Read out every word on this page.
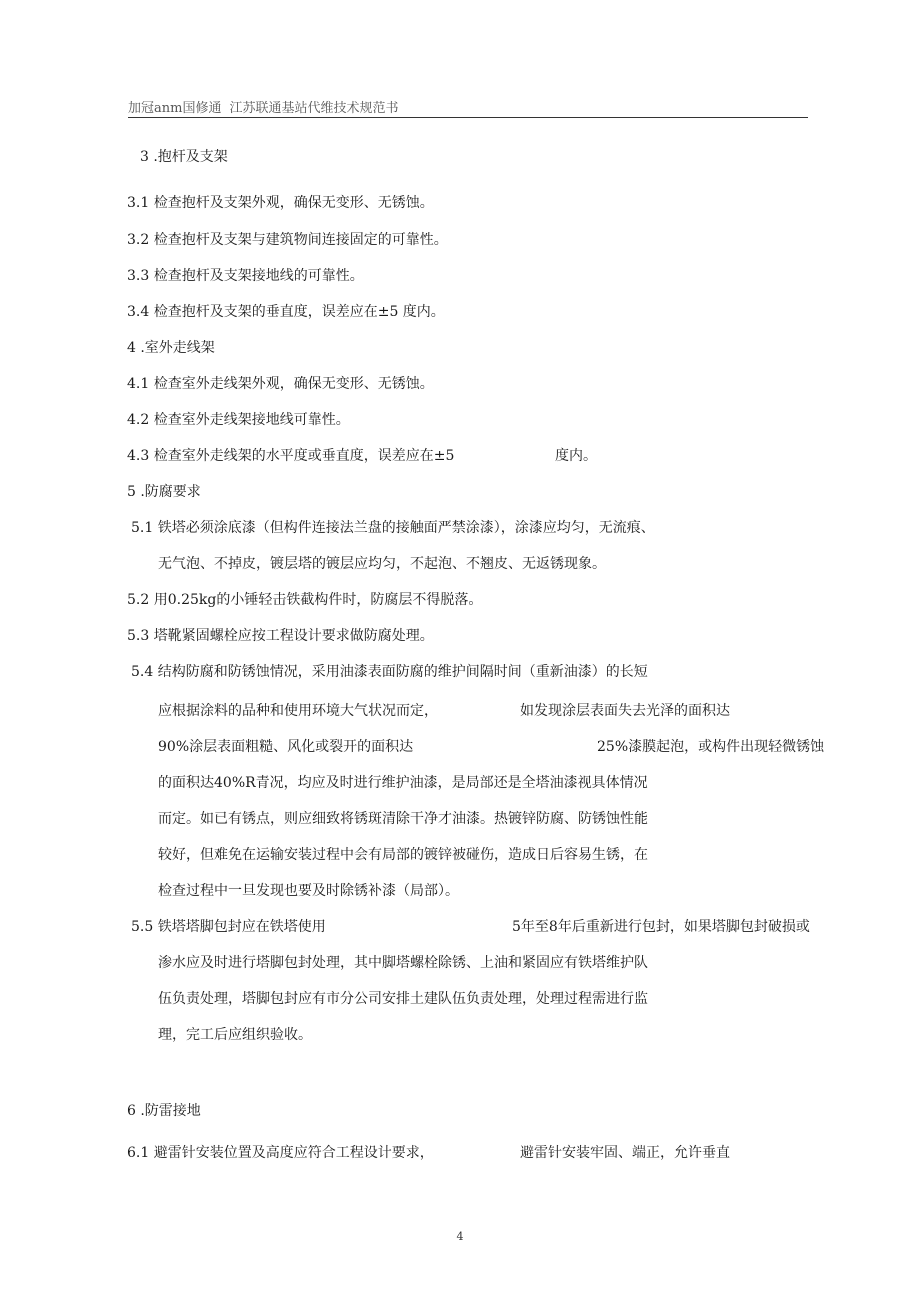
加冠anm国修通 江苏联通基站代维技术规范书
3 .抱杆及支架
3.1 检查抱杆及支架外观，确保无变形、无锈蚀。
3.2 检查抱杆及支架与建筑物间连接固定的可靠性。
3.3 检查抱杆及支架接地线的可靠性。
3.4 检查抱杆及支架的垂直度，误差应在±5 度内。
4 .室外走线架
4.1 检查室外走线架外观，确保无变形、无锈蚀。
4.2 检查室外走线架接地线可靠性。
4.3 检查室外走线架的水平度或垂直度，误差应在±5	度内。
5 .防腐要求
5.1 铁塔必须涂底漆（但构件连接法兰盘的接触面严禁涂漆），涂漆应均匀，无流痕、
无气泡、不掉皮，镀层塔的镀层应均匀，不起泡、不翘皮、无返锈现象。
5.2 用0.25kg的小锤轻击铁截构件时，防腐层不得脱落。
5.3 塔靴紧固螺栓应按工程设计要求做防腐处理。
5.4 结构防腐和防锈蚀情况，采用油漆表面防腐的维护间隔时间（重新油漆）的长短
应根据涂料的品种和使用环境大气状况而定，	如发现涂层表面失去光泽的面积达
90%涂层表面粗糙、风化或裂开的面积达	25%漆膜起泡，或构件出现轻微锈蚀
的面积达40%R青况，均应及时进行维护油漆，是局部还是全塔油漆视具体情况
而定。如已有锈点，则应细致将锈斑清除干净才油漆。热镀锌防腐、防锈蚀性能
较好，但难免在运输安装过程中会有局部的镀锌被碰伤，造成日后容易生锈，在
检查过程中一旦发现也要及时除锈补漆（局部）。
5.5 铁塔塔脚包封应在铁塔使用	5年至8年后重新进行包封，如果塔脚包封破损或
渗水应及时进行塔脚包封处理，其中脚塔螺栓除锈、上油和紧固应有铁塔维护队
伍负责处理，塔脚包封应有市分公司安排土建队伍负责处理，处理过程需进行监
理，完工后应组织验收。
6 .防雷接地
6.1 避雷针安装位置及高度应符合工程设计要求，	避雷针安装牢固、端正，允许垂直
4
